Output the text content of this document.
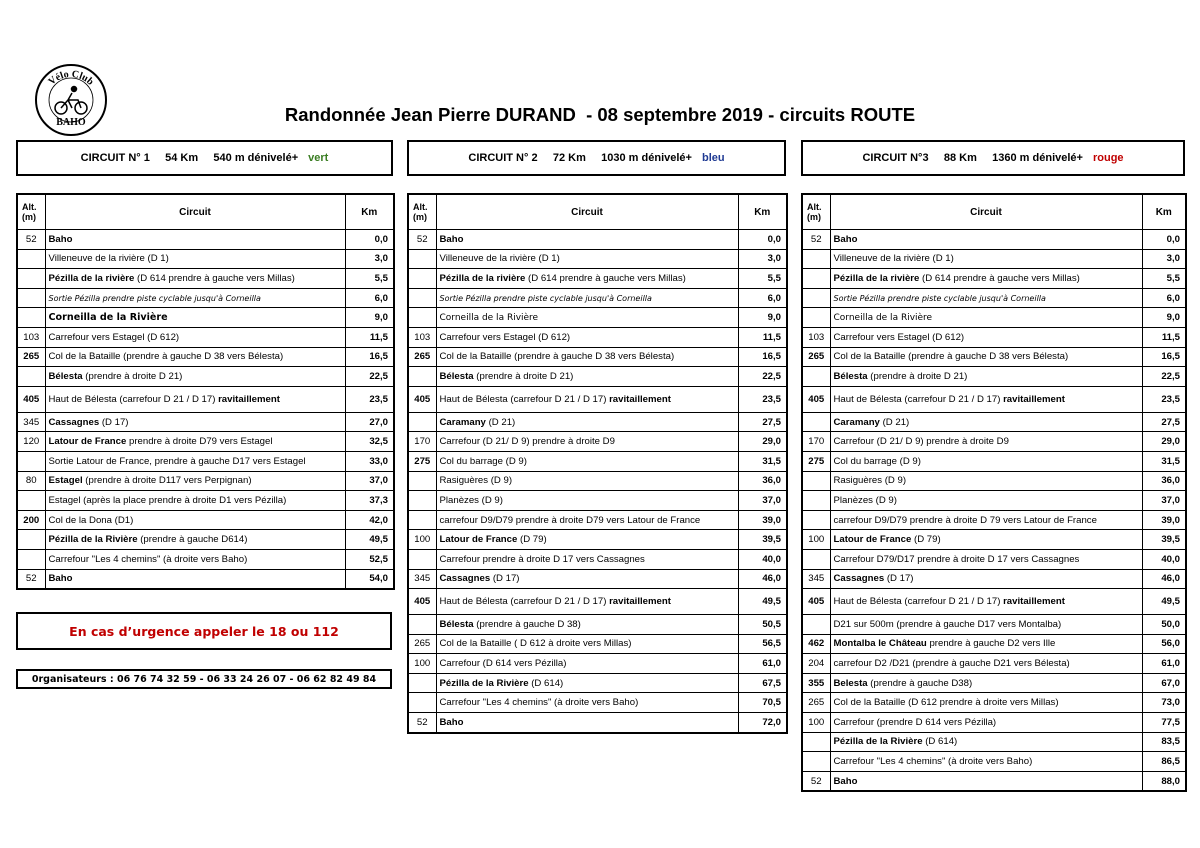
Vélo Club
BAHO	Randonnée Jean Pierre DURAND  - 08 septembre 2019 - circuits ROUTE
CIRCUIT N° 1     54 Km     540 m dénivelé+ vert	CIRCUIT N° 2     72 Km     1030 m dénivelé+ bleu	CIRCUIT N°3     88 Km     1360 m dénivelé+ rouge
Alt.
(m)	Circuit	Km
52	Baho	0,0
	Villeneuve de la rivière (D 1)	3,0
	Pézilla de la rivière (D 614 prendre à gauche vers Millas)	5,5
	Sortie Pézilla prendre piste cyclable jusqu'à Corneilla	6,0
	Corneilla de la Rivière	9,0
103	Carrefour vers Estagel (D 612)	11,5
265	Col de la Bataille (prendre à gauche D 38 vers Bélesta)	16,5
	Bélesta (prendre à droite D 21)	22,5
405	Haut de Bélesta (carrefour D 21 / D 17) ravitaillement	23,5
345	Cassagnes (D 17)	27,0
120	Latour de France prendre à droite D79 vers Estagel	32,5
	Sortie Latour de France, prendre à gauche D17 vers Estagel	33,0
80	Estagel (prendre à droite D117 vers Perpignan)	37,0
	Estagel (après la place prendre à droite D1 vers Pézilla)	37,3
200	Col de la Dona (D1)	42,0
	Pézilla de la Rivière (prendre à gauche D614)	49,5
	Carrefour "Les 4 chemins" (à droite vers Baho)	52,5
52	Baho	54,0
Alt.
(m)	Circuit	Km
52	Baho	0,0
	Villeneuve de la rivière (D 1)	3,0
	Pézilla de la rivière (D 614 prendre à gauche vers Millas)	5,5
	Sortie Pézilla prendre piste cyclable jusqu'à Corneilla	6,0
	Corneilla de la Rivière	9,0
103	Carrefour vers Estagel (D 612)	11,5
265	Col de la Bataille (prendre à gauche D 38 vers Bélesta)	16,5
	Bélesta (prendre à droite D 21)	22,5
405	Haut de Bélesta (carrefour D 21 / D 17) ravitaillement	23,5
	Caramany (D 21)	27,5
170	Carrefour (D 21/ D 9) prendre à droite D9	29,0
275	Col du barrage (D 9)	31,5
	Rasiguères (D 9)	36,0
	Planèzes (D 9)	37,0
	carrefour D9/D79 prendre à droite D79 vers Latour de France	39,0
100	Latour de France (D 79)	39,5
	Carrefour prendre à droite D 17 vers Cassagnes	40,0
345	Cassagnes (D 17)	46,0
405	Haut de Bélesta (carrefour D 21 / D 17) ravitaillement	49,5
	Bélesta (prendre à gauche D 38)	50,5
265	Col de la Bataille ( D 612 à droite vers Millas)	56,5
100	Carrefour (D 614 vers Pézilla)	61,0
	Pézilla de la Rivière (D 614)	67,5
	Carrefour "Les 4 chemins" (à droite vers Baho)	70,5
52	Baho	72,0
Alt.
(m)	Circuit	Km
52	Baho	0,0
	Villeneuve de la rivière (D 1)	3,0
	Pézilla de la rivière (D 614 prendre à gauche vers Millas)	5,5
	Sortie Pézilla prendre piste cyclable jusqu'à Corneilla	6,0
	Corneilla de la Rivière	9,0
103	Carrefour vers Estagel (D 612)	11,5
265	Col de la Bataille (prendre à gauche D 38 vers Bélesta)	16,5
	Bélesta (prendre à droite D 21)	22,5
405	Haut de Bélesta (carrefour D 21 / D 17) ravitaillement	23,5
	Caramany (D 21)	27,5
170	Carrefour (D 21/ D 9) prendre à droite D9	29,0
275	Col du barrage (D 9)	31,5
	Rasiguères (D 9)	36,0
	Planèzes (D 9)	37,0
	carrefour D9/D79 prendre à droite D 79 vers Latour de France	39,0
100	Latour de France (D 79)	39,5
	Carrefour D79/D17 prendre à droite D 17 vers Cassagnes	40,0
345	Cassagnes (D 17)	46,0
405	Haut de Bélesta (carrefour D 21 / D 17) ravitaillement	49,5
	D21 sur 500m (prendre à gauche D17 vers Montalba)	50,0
462	Montalba le Château prendre à gauche D2 vers Ille	56,0
204	carrefour D2 /D21 (prendre à gauche D21 vers Bélesta)	61,0
355	Belesta (prendre à gauche D38)	67,0
265	Col de la Bataille (D 612 prendre à droite vers Millas)	73,0
100	Carrefour (prendre D 614 vers Pézilla)	77,5
	Pézilla de la Rivière (D 614)	83,5
	Carrefour "Les 4 chemins" (à droite vers Baho)	86,5
52	Baho	88,0
En cas d’urgence appeler le 18 ou 112
0rganisateurs : 06 76 74 32 59 - 06 33 24 26 07 - 06 62 82 49 84
